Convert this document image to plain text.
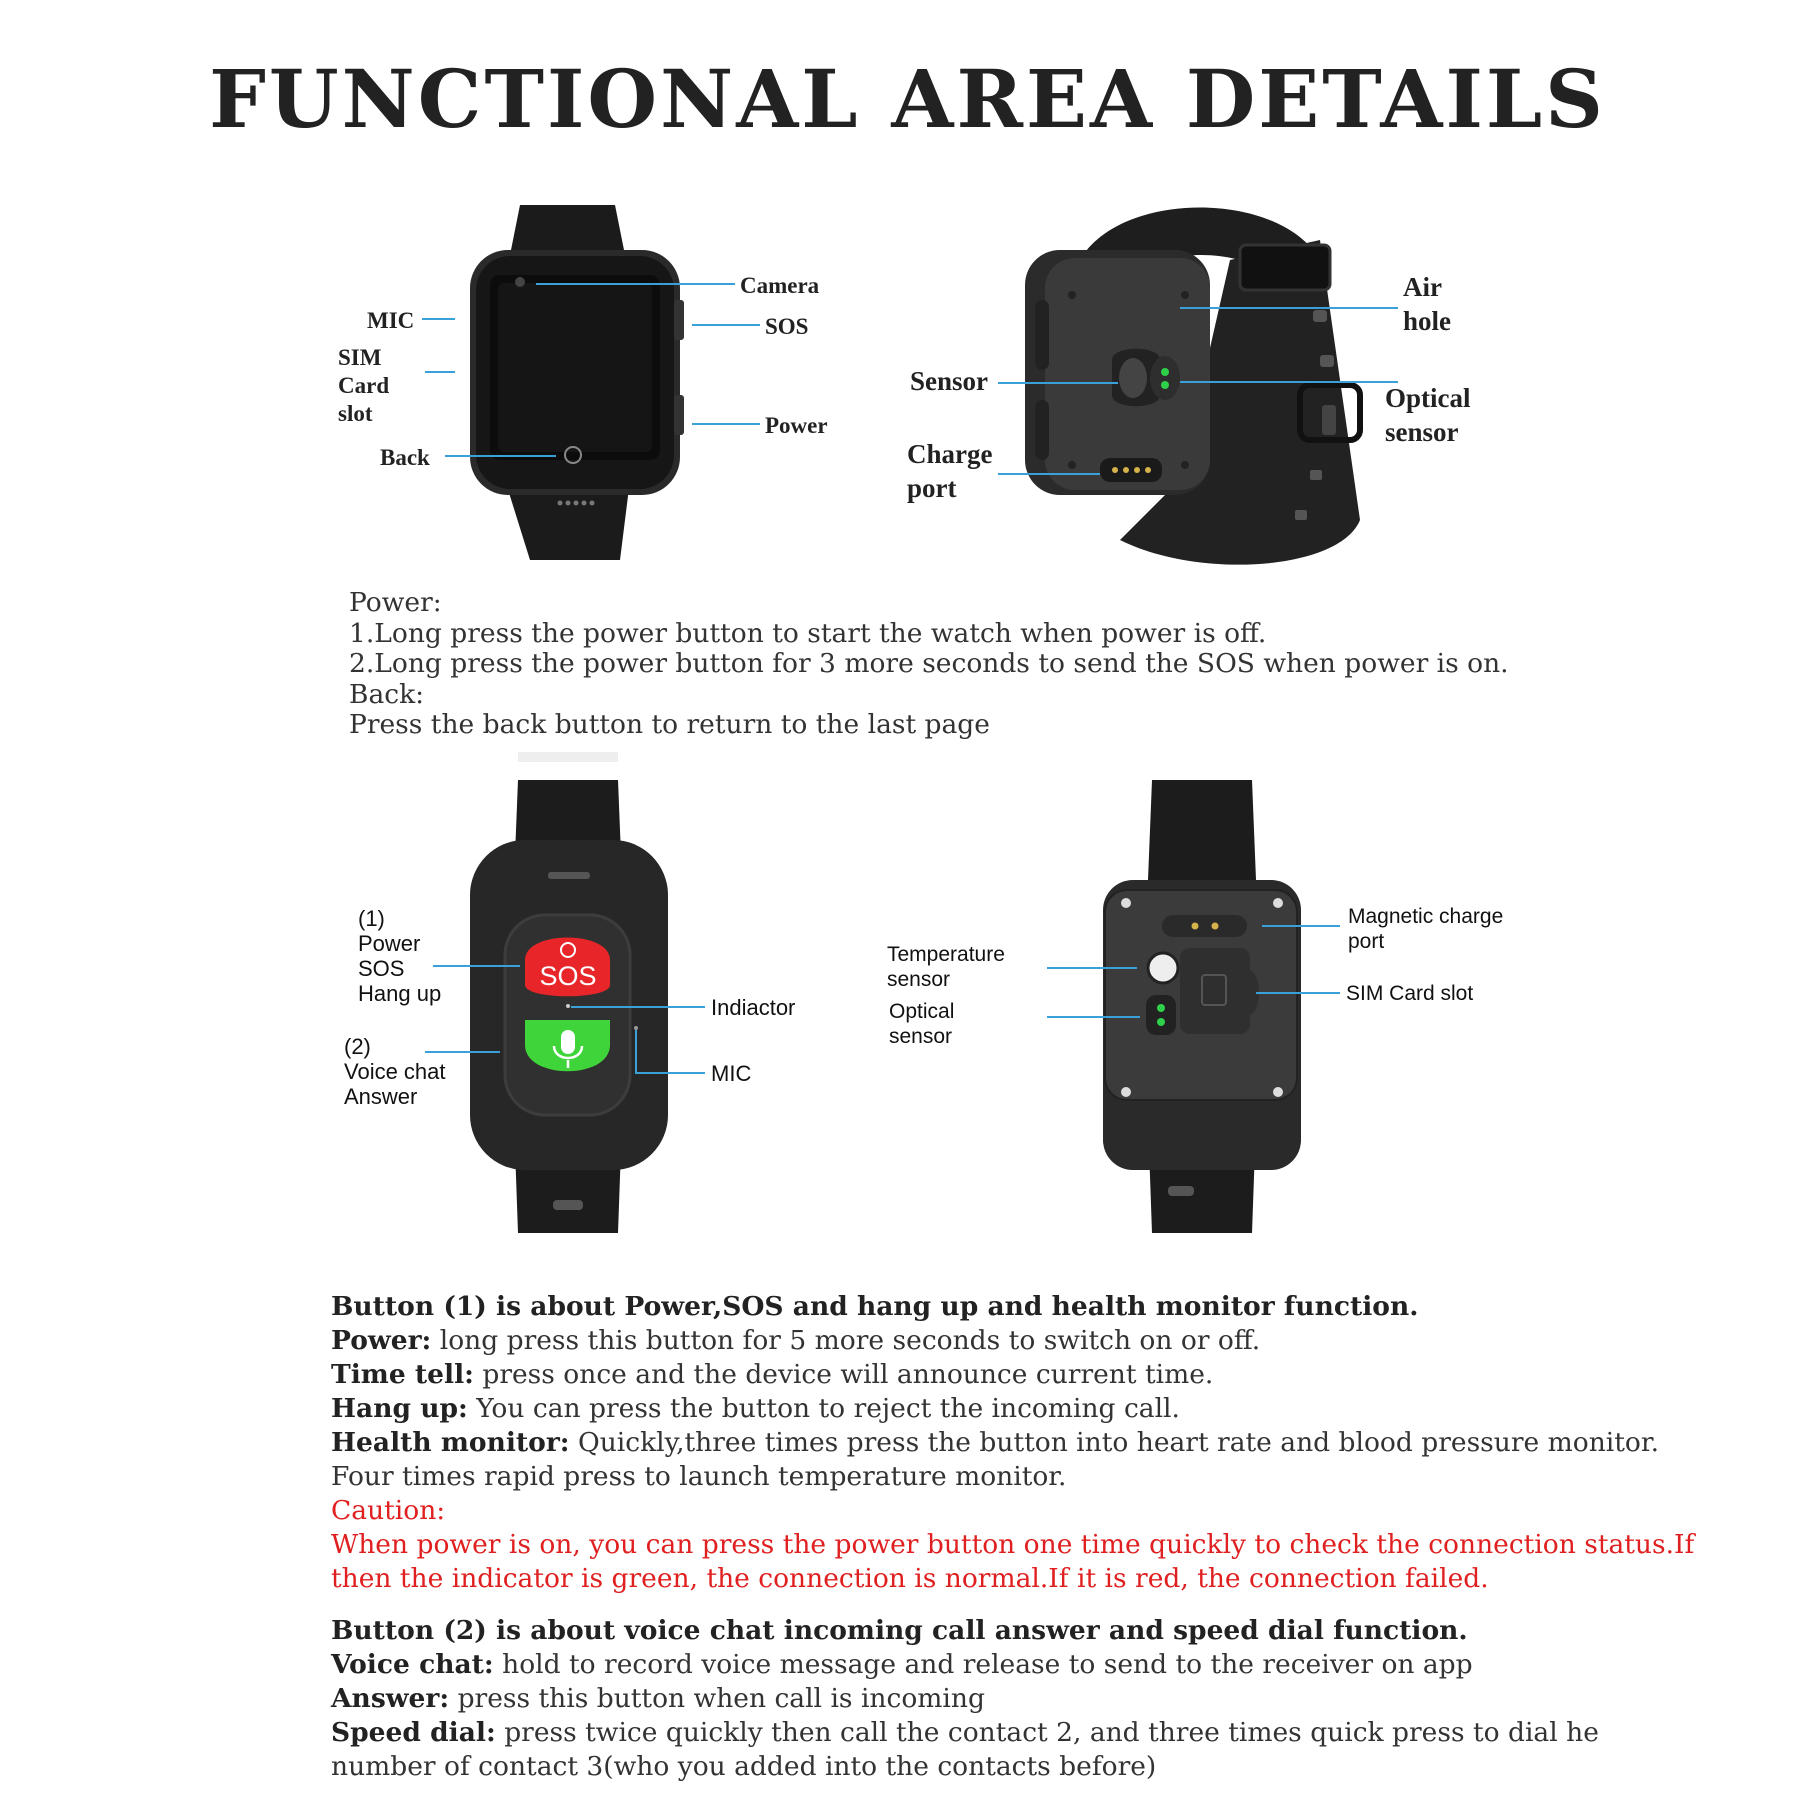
FUNCTIONAL AREA DETAILS
Camera
SOS
MIC
SIM
Card
slot	Power
Back
Air
hole
Sensor
Optical
sensor
Charge
port
SOS
(1)
Power
SOS
Hang up
(2)
Voice chat
Answer
Indiactor
MIC
Magnetic charge
port
Temperature
sensor
Optical
sensor
SIM Card slot
Power:
1.Long press the power button to start the watch when power is off.
2.Long press the power button for 3 more seconds to send the SOS when power is on.
Back:
Press the back button to return to the last page
Button (1) is about Power,SOS and hang up and health monitor function.
Power: long press this button for 5 more seconds to switch on or off.
Time tell: press once and the device will announce current time.
Hang up: You can press the button to reject the incoming call.
Health monitor: Quickly,three times press the button into heart rate and blood pressure monitor. Four times rapid press to launch temperature monitor.
Caution:
When power is on, you can press the power button one time quickly to check the connection status.If then the indicator is green, the connection is normal.If it is red, the connection failed.
Button (2) is about voice chat incoming call answer and speed dial function.
Voice chat: hold to record voice message and release to send to the receiver on app
Answer: press this button when call is incoming
Speed dial: press twice quickly then call the contact 2, and three times quick press to dial he number of contact 3(who you added into the contacts before)
